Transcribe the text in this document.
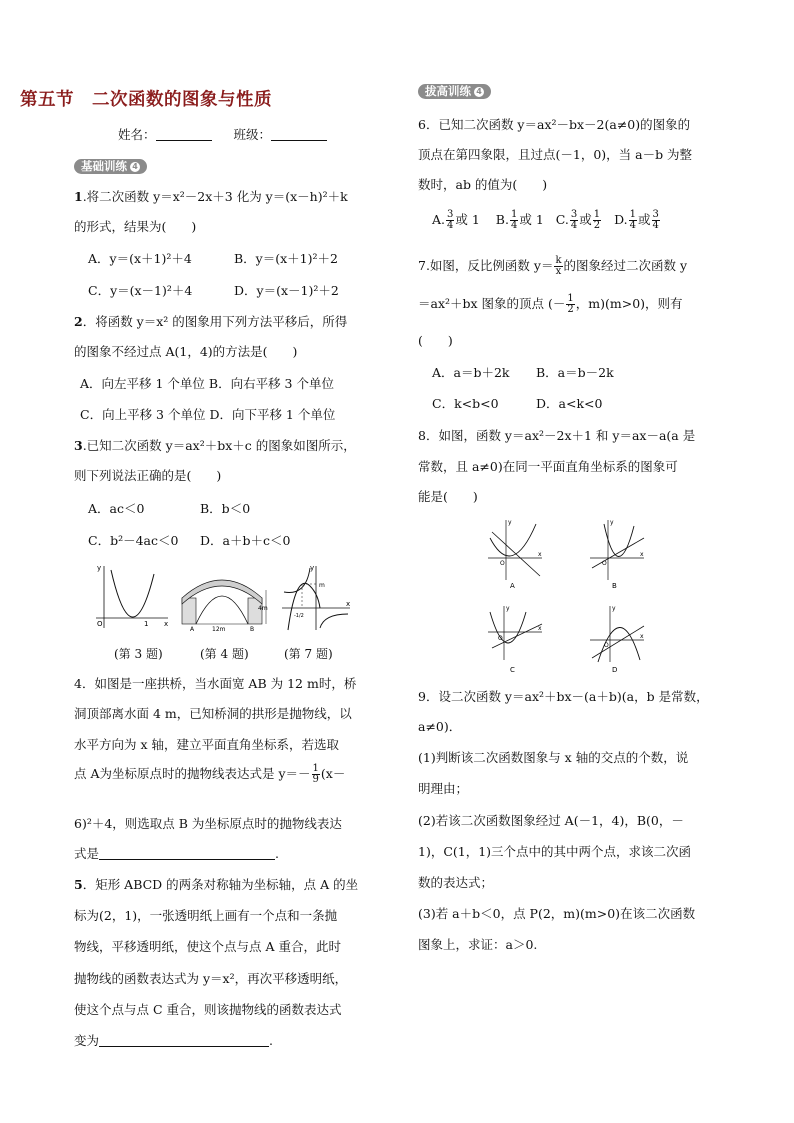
第五节　二次函数的图象与性质
姓名：	班级：
基础训练 4
1.将二次函数 y＝x²－2x＋3 化为 y＝(x－h)²＋k
的形式，结果为(　　)
A．y＝(x＋1)²＋4	B．y＝(x＋1)²＋2
C．y＝(x－1)²＋4	D．y＝(x－1)²＋2
2．将函数 y＝x² 的图象用下列方法平移后，所得
的图象不经过点 A(1，4)的方法是(　　)
A．向左平移 1 个单位 B．向右平移 3 个单位
C．向上平移 3 个单位 D．向下平移 1 个单位
3.已知二次函数 y＝ax²＋bx＋c 的图象如图所示，
则下列说法正确的是(　　)
A．ac＜0	B．b＜0
C．b²－4ac＜0 D．a＋b＋c＜0
y
x
O	1
4m
12m
A	B
y
x
m
-1/2
(第 3 题)	(第 4 题)	(第 7 题)
4．如图是一座拱桥，当水面宽 AB 为 12 m时，桥
洞顶部离水面 4 m，已知桥洞的拱形是抛物线，以
水平方向为 x 轴，建立平面直角坐标系，若选取
点 A为坐标原点时的抛物线表达式是 $y=- \frac{1}{9} (x-$
6)²＋4，则选取点 B 为坐标原点时的抛物线表达
式是	.
5．矩形 ABCD 的两条对称轴为坐标轴，点 A 的坐
标为(2，1)，一张透明纸上画有一个点和一条抛
物线，平移透明纸，使这个点与点 A 重合，此时
抛物线的函数表达式为 y＝x²，再次平移透明纸，
使这个点与点 C 重合，则该抛物线的函数表达式
变为	.
拔高训练 4
6．已知二次函数 y＝ax²－bx－2(a≠0)的图象的
顶点在第四象限，且过点(－1，0)，当 a－b 为整
数时，ab 的值为(　　)
A. $\frac{3}{4}$ 或 1 B. $\frac{1}{4}$ 或 1 C. $\frac{3}{4}$ 或 $\frac{1}{2} D$. $\frac{1}{4}$ 或 $\frac{3}{4}$
7.如图，反比例函数 $y= \frac{k}{x}$ 的图象经过二次函数 y
＝ax²＋bx 图象的顶点 (－ $\frac{1}{2}$ ，m)(m>0)，则有
(　　)
A．a＝b＋2k B．a＝b－2k
C．k<b<0	D．a<k<0
8．如图，函数 y＝ax²－2x＋1 和 y＝ax－a(a 是
常数，且 a≠0)在同一平面直角坐标系的图象可
能是(　　)
y
x
O
A
y
x
O
B
y
x
O
C
y
x
O
D
9．设二次函数 y＝ax²＋bx－(a＋b)(a，b 是常数，
a≠0)．
(1)判断该二次函数图象与 x 轴的交点的个数，说
明理由；
(2)若该二次函数图象经过 A(－1，4)，B(0，－
1)，C(1，1)三个点中的其中两个点，求该二次函
数的表达式；
(3)若 a＋b＜0，点 P(2，m)(m>0)在该二次函数
图象上，求证：a＞0.
